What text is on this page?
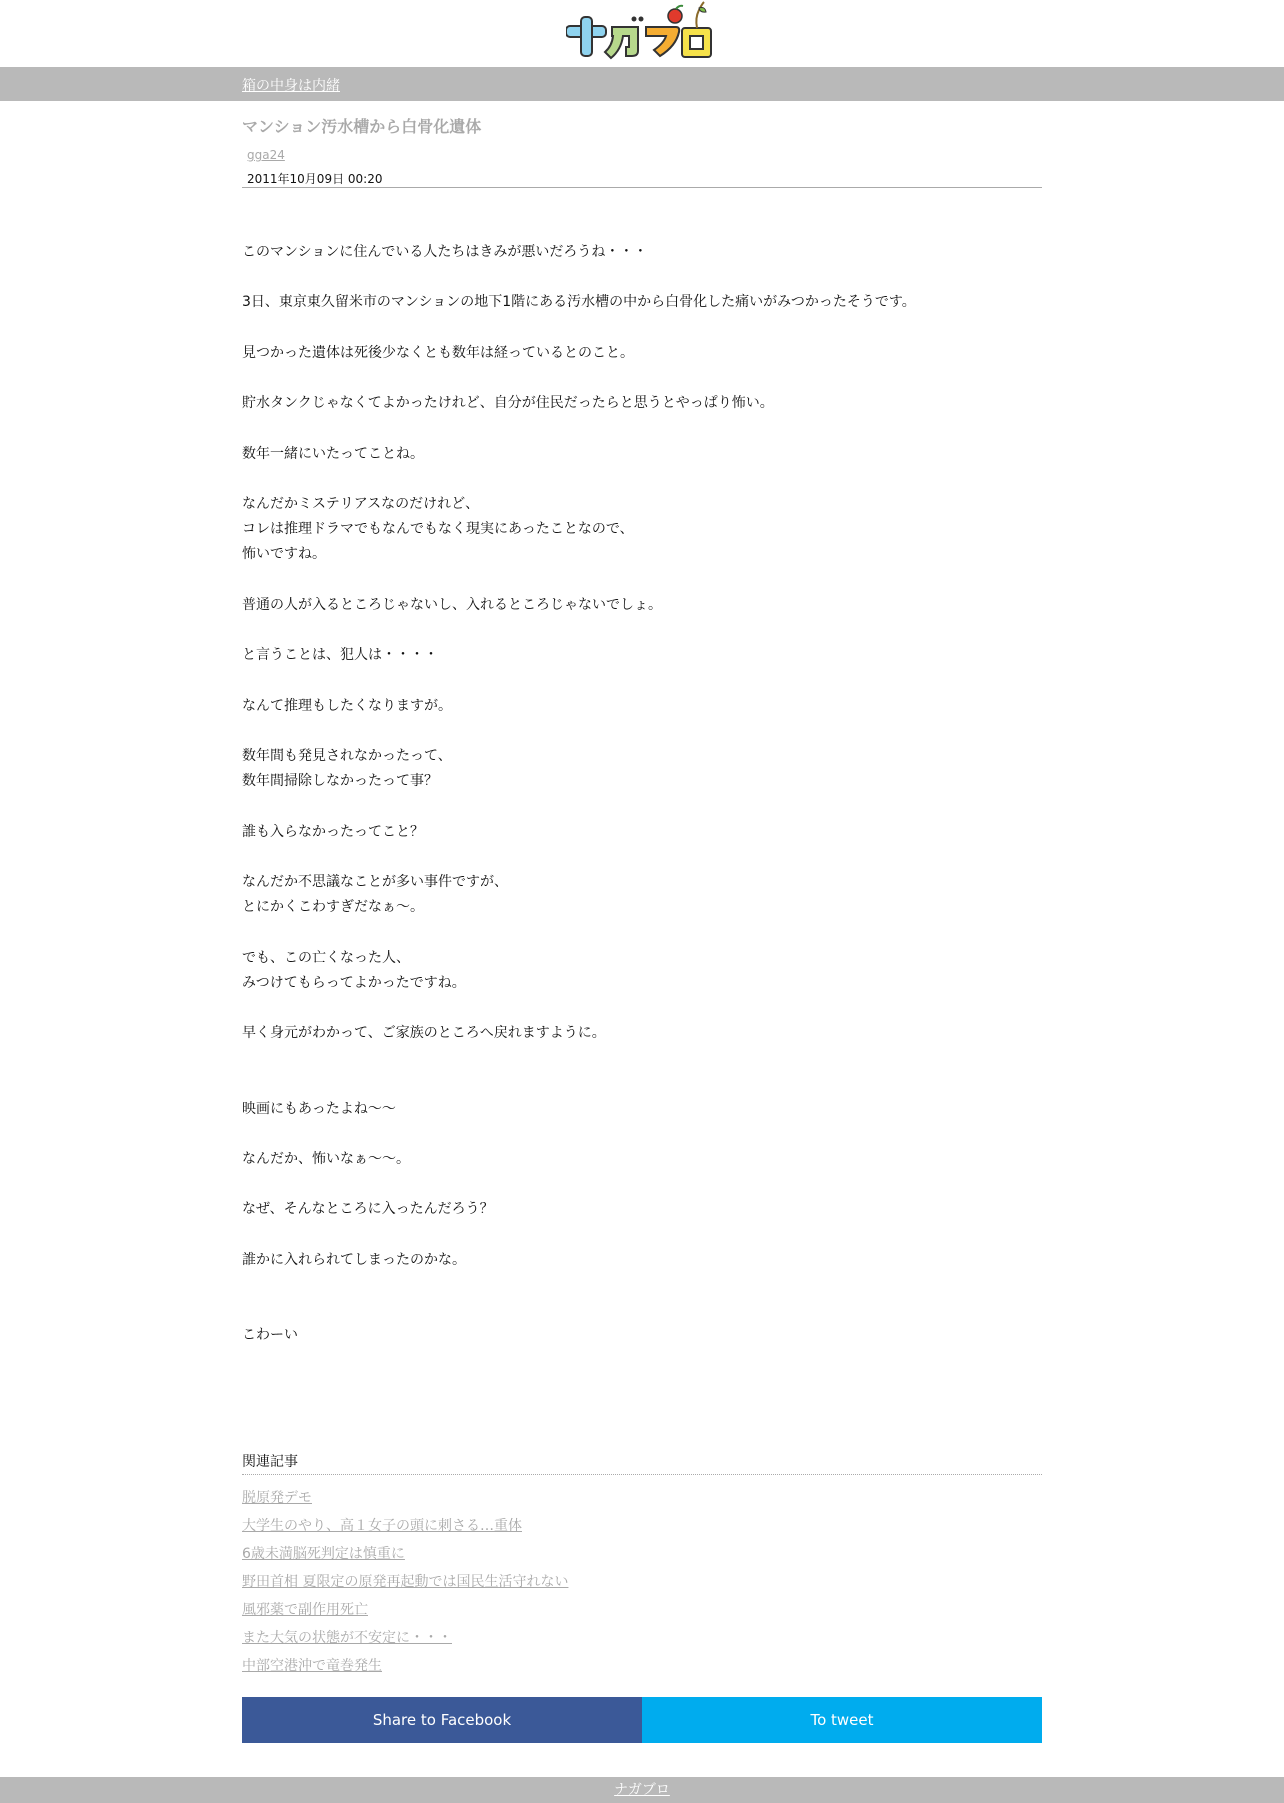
箱の中身は内緒
マンション汚水槽から白骨化遺体
gga24
2011年10月09日 00:20
このマンションに住んでいる人たちはきみが悪いだろうね・・・
3日、東京東久留米市のマンションの地下1階にある汚水槽の中から白骨化した痛いがみつかったそうです。
見つかった遺体は死後少なくとも数年は経っているとのこと。
貯水タンクじゃなくてよかったけれど、自分が住民だったらと思うとやっぱり怖い。
数年一緒にいたってことね。
なんだかミステリアスなのだけれど、
コレは推理ドラマでもなんでもなく現実にあったことなので、
怖いですね。
普通の人が入るところじゃないし、入れるところじゃないでしょ。
と言うことは、犯人は・・・・
なんて推理もしたくなりますが。
数年間も発見されなかったって、
数年間掃除しなかったって事？
誰も入らなかったってこと？
なんだか不思議なことが多い事件ですが、
とにかくこわすぎだなぁ～。
でも、この亡くなった人、
みつけてもらってよかったですね。
早く身元がわかって、ご家族のところへ戻れますように。
映画にもあったよね～～
なんだか、怖いなぁ～～。
なぜ、そんなところに入ったんだろう？
誰かに入れられてしまったのかな。
こわーい
関連記事
脱原発デモ
大学生のやり、高１女子の頭に刺さる…重体
6歳未満脳死判定は慎重に
野田首相 夏限定の原発再起動では国民生活守れない
風邪薬で副作用死亡
また大気の状態が不安定に・・・
中部空港沖で竜巻発生
Share to Facebook	To tweet
ナガブロ
